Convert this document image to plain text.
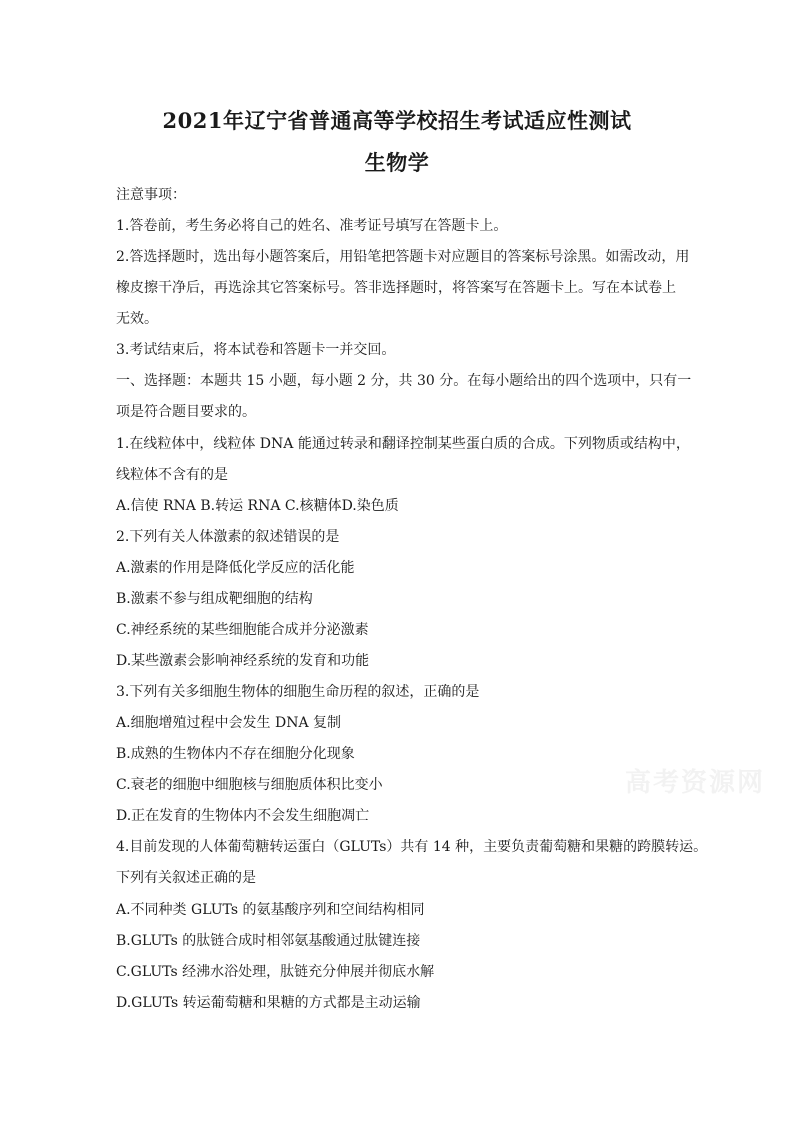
2021年辽宁省普通高等学校招生考试适应性测试
生物学
注意事项：
1.答卷前，考生务必将自己的姓名、准考证号填写在答题卡上。
2.答选择题时，选出每小题答案后，用铅笔把答题卡对应题目的答案标号涂黑。如需改动，用
橡皮擦干净后，再选涂其它答案标号。答非选择题时，将答案写在答题卡上。写在本试卷上
无效。
3.考试结束后，将本试卷和答题卡一并交回。
一、选择题：本题共 15 小题，每小题 2 分，共 30 分。在每小题给出的四个选项中，只有一
项是符合题目要求的。
1.在线粒体中，线粒体 DNA 能通过转录和翻译控制某些蛋白质的合成。下列物质或结构中，
线粒体不含有的是
A.信使 RNA B.转运 RNA C.核糖体D.染色质
2.下列有关人体激素的叙述错误的是
A.激素的作用是降低化学反应的活化能
B.激素不参与组成靶细胞的结构
C.神经系统的某些细胞能合成并分泌激素
D.某些激素会影响神经系统的发育和功能
3.下列有关多细胞生物体的细胞生命历程的叙述，正确的是
A.细胞增殖过程中会发生 DNA 复制
B.成熟的生物体内不存在细胞分化现象
C.衰老的细胞中细胞核与细胞质体积比变小
D.正在发育的生物体内不会发生细胞凋亡
4.目前发现的人体葡萄糖转运蛋白（GLUTs）共有 14 种，主要负责葡萄糖和果糖的跨膜转运。
下列有关叙述正确的是
A.不同种类 GLUTs 的氨基酸序列和空间结构相同
B.GLUTs 的肽链合成时相邻氨基酸通过肽键连接
C.GLUTs 经沸水浴处理，肽链充分伸展并彻底水解
D.GLUTs 转运葡萄糖和果糖的方式都是主动运输
高考资源网
